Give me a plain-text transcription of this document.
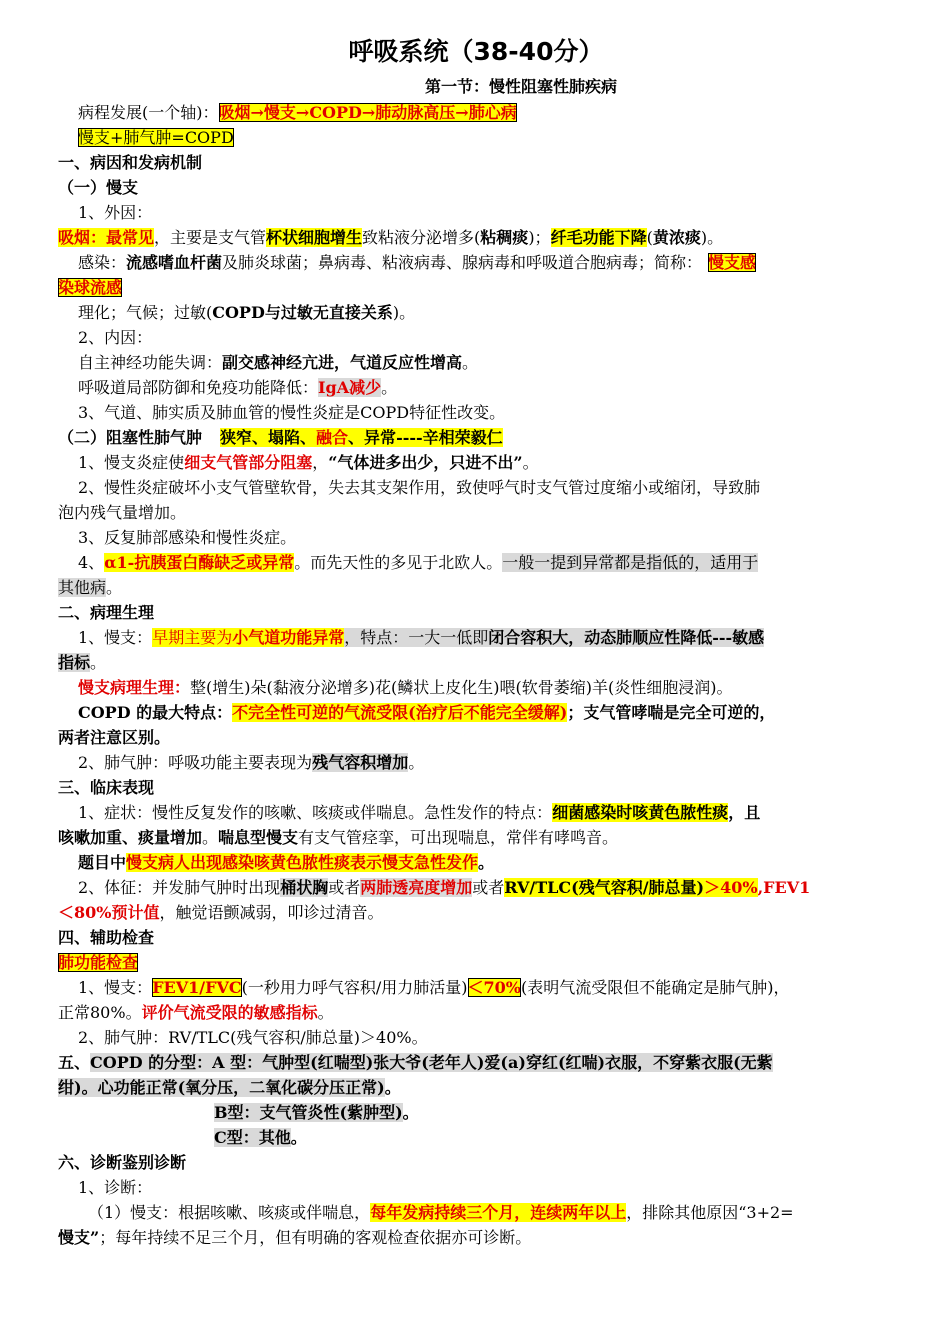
呼吸系统（38-40分）
第一节：慢性阻塞性肺疾病
病程发展(一个轴)：吸烟→慢支→COPD→肺动脉高压→肺心病
慢支+肺气肿=COPD
一、病因和发病机制
（一）慢支
1、外因：
吸烟：最常见，主要是支气管杯状细胞增生致粘液分泌增多(粘稠痰)；纤毛功能下降(黄浓痰)。
感染：流感嗜血杆菌及肺炎球菌；鼻病毒、粘液病毒、腺病毒和呼吸道合胞病毒；简称： 慢支感
染球流感
理化；气候；过敏(COPD与过敏无直接关系)。
2、内因：
自主神经功能失调：副交感神经亢进，气道反应性增高。
呼吸道局部防御和免疫功能降低：IgA减少。
3、气道、肺实质及肺血管的慢性炎症是COPD特征性改变。
（二）阻塞性肺气肿 狭窄、塌陷、融合、异常----辛相荣毅仁
1、慢支炎症使细支气管部分阻塞，“气体进多出少，只进不出”。
2、慢性炎症破坏小支气管壁软骨，失去其支架作用，致使呼气时支气管过度缩小或缩闭，导致肺
泡内残气量增加。
3、反复肺部感染和慢性炎症。
4、α1-抗胰蛋白酶缺乏或异常。而先天性的多见于北欧人。一般一提到异常都是指低的，适用于
其他病。
二、病理生理
1、慢支：早期主要为小气道功能异常，特点：一大一低即闭合容积大，动态肺顺应性降低---敏感
指标。
慢支病理生理：整(增生)朵(黏液分泌增多)花(鳞状上皮化生)喂(软骨萎缩)羊(炎性细胞浸润)。
COPD 的最大特点：不完全性可逆的气流受限(治疗后不能完全缓解)；支气管哮喘是完全可逆的，
两者注意区别。
2、肺气肿：呼吸功能主要表现为残气容积增加。
三、临床表现
1、症状：慢性反复发作的咳嗽、咳痰或伴喘息。急性发作的特点：细菌感染时咳黄色脓性痰，且
咳嗽加重、痰量增加。喘息型慢支有支气管痉挛，可出现喘息，常伴有哮鸣音。
题目中慢支病人出现感染咳黄色脓性痰表示慢支急性发作。
2、体征：并发肺气肿时出现桶状胸或者两肺透亮度增加或者RV/TLC(残气容积/肺总量)＞40%,FEV1
＜80%预计值，触觉语颤减弱，叩诊过清音。
四、辅助检查
肺功能检查
1、慢支：FEV1/FVC(一秒用力呼气容积/用力肺活量)＜70%(表明气流受限但不能确定是肺气肿)，
正常80%。评价气流受限的敏感指标。
2、肺气肿：RV/TLC(残气容积/肺总量)＞40%。
五、COPD 的分型：A 型：气肿型(红喘型)张大爷(老年人)爱(a)穿红(红喘)衣服，不穿紫衣服(无紫
绀)。心功能正常(氧分压，二氧化碳分压正常)。
B型：支气管炎性(紫肿型)。
C型：其他。
六、诊断鉴别诊断
1、诊断：
（1）慢支：根据咳嗽、咳痰或伴喘息，每年发病持续三个月，连续两年以上，排除其他原因“3+2=
慢支”；每年持续不足三个月，但有明确的客观检查依据亦可诊断。
